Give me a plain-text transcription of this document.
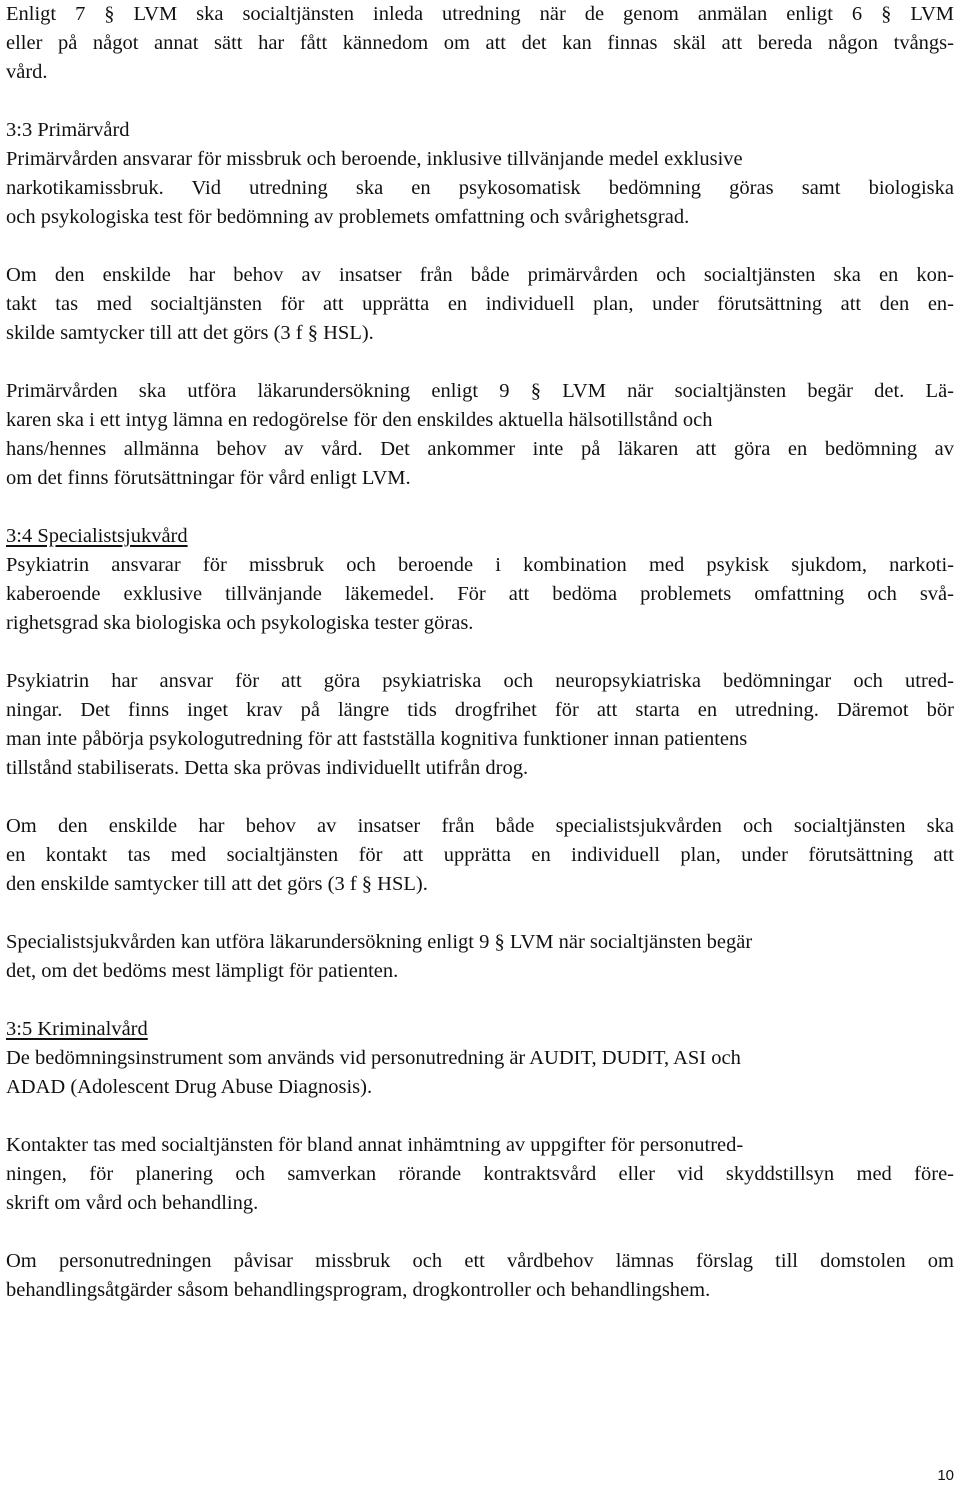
Enligt 7 § LVM ska socialtjänsten inleda utredning när de genom anmälan enligt 6 § LVM
eller på något annat sätt har fått kännedom om att det kan finnas skäl att bereda någon tvångs-
vård.
3:3 Primärvård
Primärvården ansvarar för missbruk och beroende, inklusive tillvänjande medel exklusive
narkotikamissbruk. Vid utredning ska en psykosomatisk bedömning göras samt biologiska
och psykologiska test för bedömning av problemets omfattning och svårighetsgrad.
Om den enskilde har behov av insatser från både primärvården och socialtjänsten ska en kon-
takt tas med socialtjänsten för att upprätta en individuell plan, under förutsättning att den en-
skilde samtycker till att det görs (3 f § HSL).
Primärvården ska utföra läkarundersökning enligt 9 § LVM när socialtjänsten begär det. Lä-
karen ska i ett intyg lämna en redogörelse för den enskildes aktuella hälsotillstånd och
hans/hennes allmänna behov av vård. Det ankommer inte på läkaren att göra en bedömning av
om det finns förutsättningar för vård enligt LVM.
3:4 Specialistsjukvård
Psykiatrin ansvarar för missbruk och beroende i kombination med psykisk sjukdom, narkoti-
kaberoende exklusive tillvänjande läkemedel. För att bedöma problemets omfattning och svå-
righetsgrad ska biologiska och psykologiska tester göras.
Psykiatrin har ansvar för att göra psykiatriska och neuropsykiatriska bedömningar och utred-
ningar. Det finns inget krav på längre tids drogfrihet för att starta en utredning. Däremot bör
man inte påbörja psykologutredning för att fastställa kognitiva funktioner innan patientens
tillstånd stabiliserats. Detta ska prövas individuellt utifrån drog.
Om den enskilde har behov av insatser från både specialistsjukvården och socialtjänsten ska
en kontakt tas med socialtjänsten för att upprätta en individuell plan, under förutsättning att
den enskilde samtycker till att det görs (3 f § HSL).
Specialistsjukvården kan utföra läkarundersökning enligt 9 § LVM när socialtjänsten begär
det, om det bedöms mest lämpligt för patienten.
3:5 Kriminalvård
De bedömningsinstrument som används vid personutredning är AUDIT, DUDIT, ASI och
ADAD (Adolescent Drug Abuse Diagnosis).
Kontakter tas med socialtjänsten för bland annat inhämtning av uppgifter för personutred-
ningen, för planering och samverkan rörande kontraktsvård eller vid skyddstillsyn med före-
skrift om vård och behandling.
Om personutredningen påvisar missbruk och ett vårdbehov lämnas förslag till domstolen om
behandlingsåtgärder såsom behandlingsprogram, drogkontroller och behandlingshem.
10
